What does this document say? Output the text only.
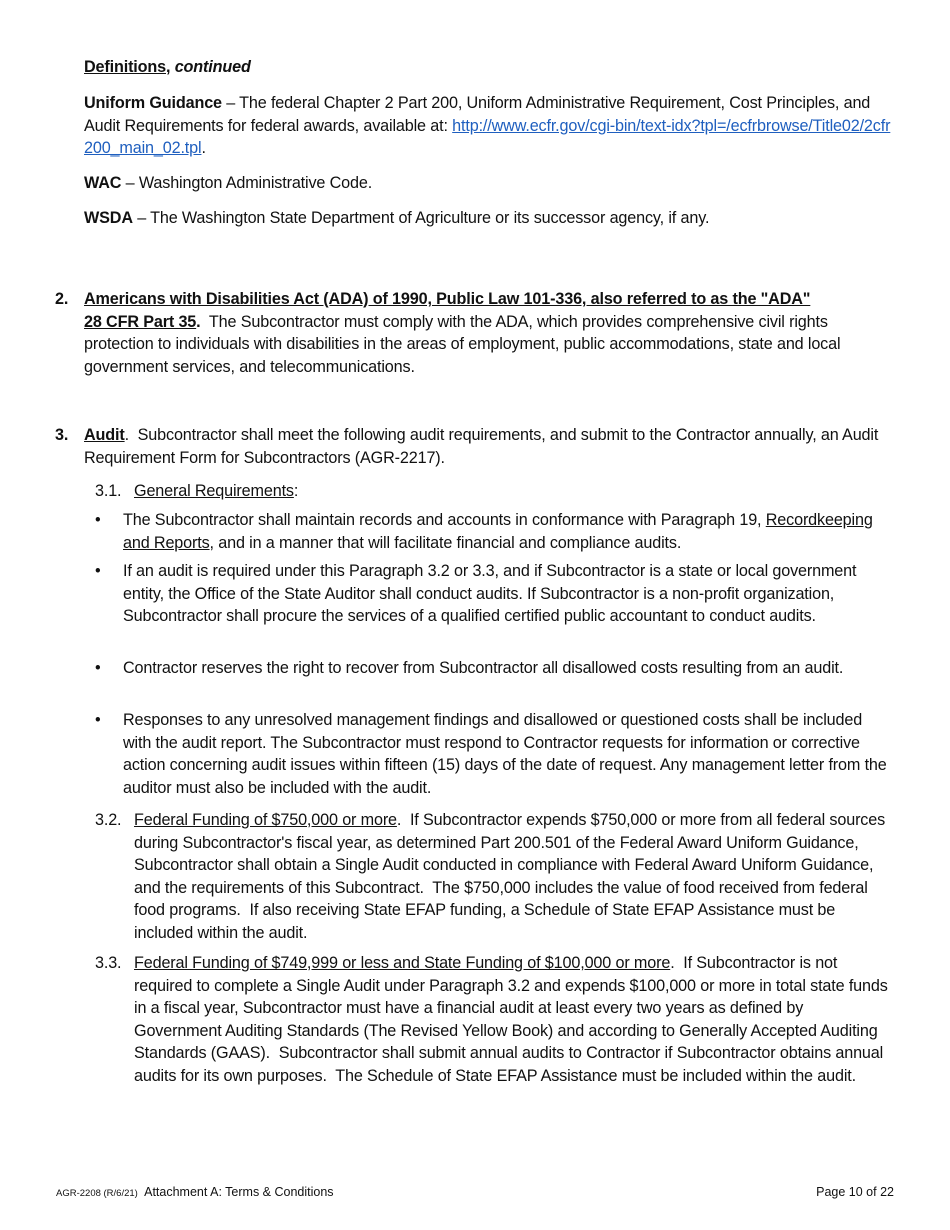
Definitions, continued

Uniform Guidance – The federal Chapter 2 Part 200, Uniform Administrative Requirement, Cost Principles, and Audit Requirements for federal awards, available at: http://www.ecfr.gov/cgi-bin/text-idx?tpl=/ecfrbrowse/Title02/2cfr200_main_02.tpl.

WAC – Washington Administrative Code.

WSDA – The Washington State Department of Agriculture or its successor agency, if any.

2. Americans with Disabilities Act (ADA) of 1990, Public Law 101-336, also referred to as the "ADA"
28 CFR Part 35.  The Subcontractor must comply with the ADA, which provides comprehensive civil rights protection to individuals with disabilities in the areas of employment, public accommodations, state and local government services, and telecommunications.

3. Audit.  Subcontractor shall meet the following audit requirements, and submit to the Contractor annually, an Audit Requirement Form for Subcontractors (AGR-2217).

3.1. General Requirements:

• The Subcontractor shall maintain records and accounts in conformance with Paragraph 19, Recordkeeping and Reports, and in a manner that will facilitate financial and compliance audits.

• If an audit is required under this Paragraph 3.2 or 3.3, and if Subcontractor is a state or local government entity, the Office of the State Auditor shall conduct audits. If Subcontractor is a non-profit organization, Subcontractor shall procure the services of a qualified certified public accountant to conduct audits.

• Contractor reserves the right to recover from Subcontractor all disallowed costs resulting from an audit.

• Responses to any unresolved management findings and disallowed or questioned costs shall be included with the audit report. The Subcontractor must respond to Contractor requests for information or corrective action concerning audit issues within fifteen (15) days of the date of request. Any management letter from the auditor must also be included with the audit.

3.2. Federal Funding of $750,000 or more.  If Subcontractor expends $750,000 or more from all federal sources during Subcontractor's fiscal year, as determined Part 200.501 of the Federal Award Uniform Guidance, Subcontractor shall obtain a Single Audit conducted in compliance with Federal Award Uniform Guidance, and the requirements of this Subcontract.  The $750,000 includes the value of food received from federal food programs.  If also receiving State EFAP funding, a Schedule of State EFAP Assistance must be included within the audit.

3.3. Federal Funding of $749,999 or less and State Funding of $100,000 or more.  If Subcontractor is not required to complete a Single Audit under Paragraph 3.2 and expends $100,000 or more in total state funds in a fiscal year, Subcontractor must have a financial audit at least every two years as defined by Government Auditing Standards (The Revised Yellow Book) and according to Generally Accepted Auditing Standards (GAAS).  Subcontractor shall submit annual audits to Contractor if Subcontractor obtains annual audits for its own purposes.  The Schedule of State EFAP Assistance must be included within the audit.

AGR-2208 (R/6/21) Attachment A: Terms & Conditions	Page 10 of 22
